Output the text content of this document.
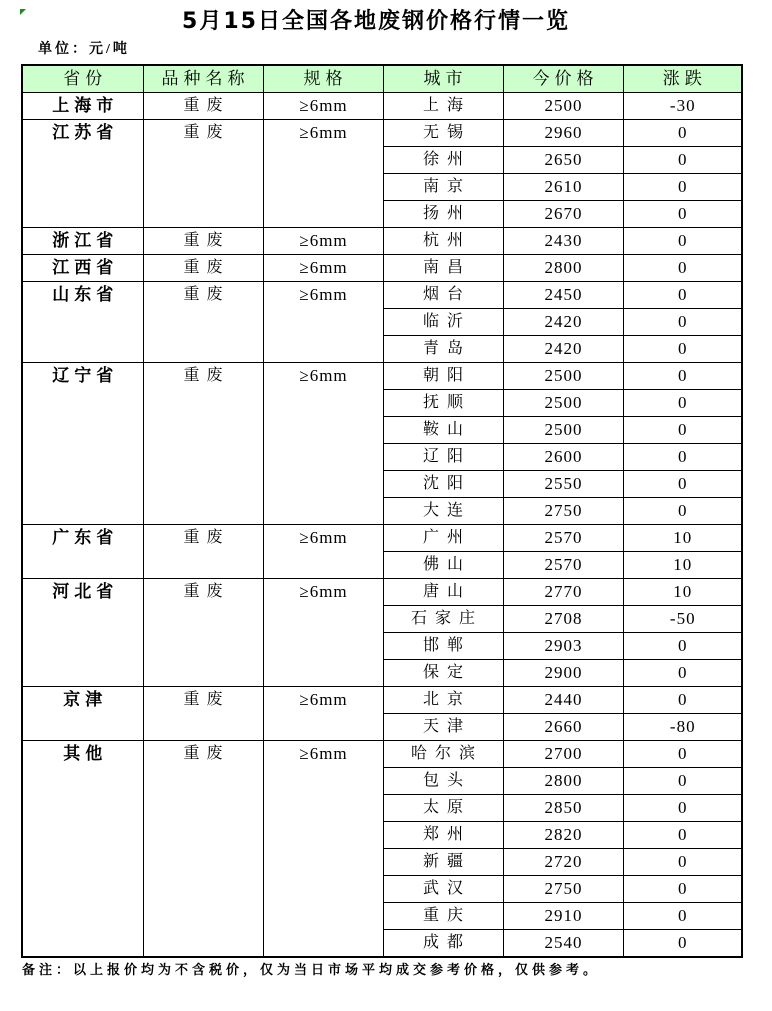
5月15日全国各地废钢价格行情一览
单位：元/吨
省份	品种名称	规格	城市	今价格	涨跌
上海市	重废	≥6mm	上海	2500	-30
江苏省	重废	≥6mm	无锡	2960	0
			徐州	2650	0
			南京	2610	0
			扬州	2670	0
浙江省	重废	≥6mm	杭州	2430	0
江西省	重废	≥6mm	南昌	2800	0
山东省	重废	≥6mm	烟台	2450	0
			临沂	2420	0
			青岛	2420	0
辽宁省	重废	≥6mm	朝阳	2500	0
			抚顺	2500	0
			鞍山	2500	0
			辽阳	2600	0
			沈阳	2550	0
			大连	2750	0
广东省	重废	≥6mm	广州	2570	10
			佛山	2570	10
河北省	重废	≥6mm	唐山	2770	10
			石家庄	2708	-50
			邯郸	2903	0
			保定	2900	0
京津	重废	≥6mm	北京	2440	0
			天津	2660	-80
其他	重废	≥6mm	哈尔滨	2700	0
			包头	2800	0
			太原	2850	0
			郑州	2820	0
			新疆	2720	0
			武汉	2750	0
			重庆	2910	0
			成都	2540	0
备注：以上报价均为不含税价，仅为当日市场平均成交参考价格，仅供参考。
